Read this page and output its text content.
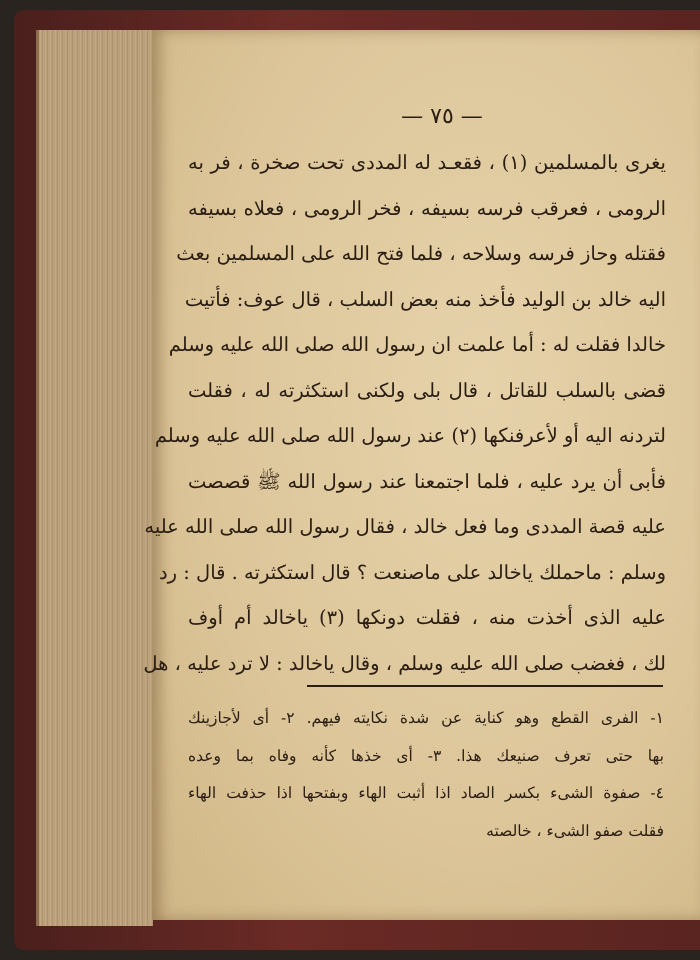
— ٧٥ —
يغرى بالمسلمين (١) ، فقعـد له المددى تحت صخرة ، فر به
الرومى ، فعرقب فرسه بسيفه ، فخر الرومى ، فعلاه بسيفه
فقتله وحاز فرسه وسلاحه ، فلما فتح الله على المسلمين بعث
اليه خالد بن الوليد فأخذ منه بعض السلب ، قال عوف: فأتيت
خالدا فقلت له : أما علمت ان رسول الله صلى الله عليه وسلم
قضى بالسلب للقاتل ، قال بلى ولكنى استكثرته له ، فقلت
لتردنه اليه أو لأعرفنكها (٢) عند رسول الله صلى الله عليه وسلم
فأبى أن يرد عليه ، فلما اجتمعنا عند رسول الله ﷺ قصصت
عليه قصة المددى وما فعل خالد ، فقال رسول الله صلى الله عليه
وسلم : ماحملك ياخالد على ماصنعت ؟ قال استكثرته . قال : رد
عليه الذى أخذت منه ، فقلت دونكها (٣) ياخالد أم أوف
لك ، فغضب صلى الله عليه وسلم ، وقال ياخالد : لا ترد عليه ، هل
١- الفرى القطع وهو كناية عن شدة نكايته فيهم. ٢- أى لأجازينك
بها حتى تعرف صنيعك هذا. ٣- أى خذها كأنه وفاه بما وعده
٤- صفوة الشىء بكسر الصاد اذا أثبت الهاء وبفتحها اذا حذفت الهاء
فقلت صفو الشىء ، خالصته
